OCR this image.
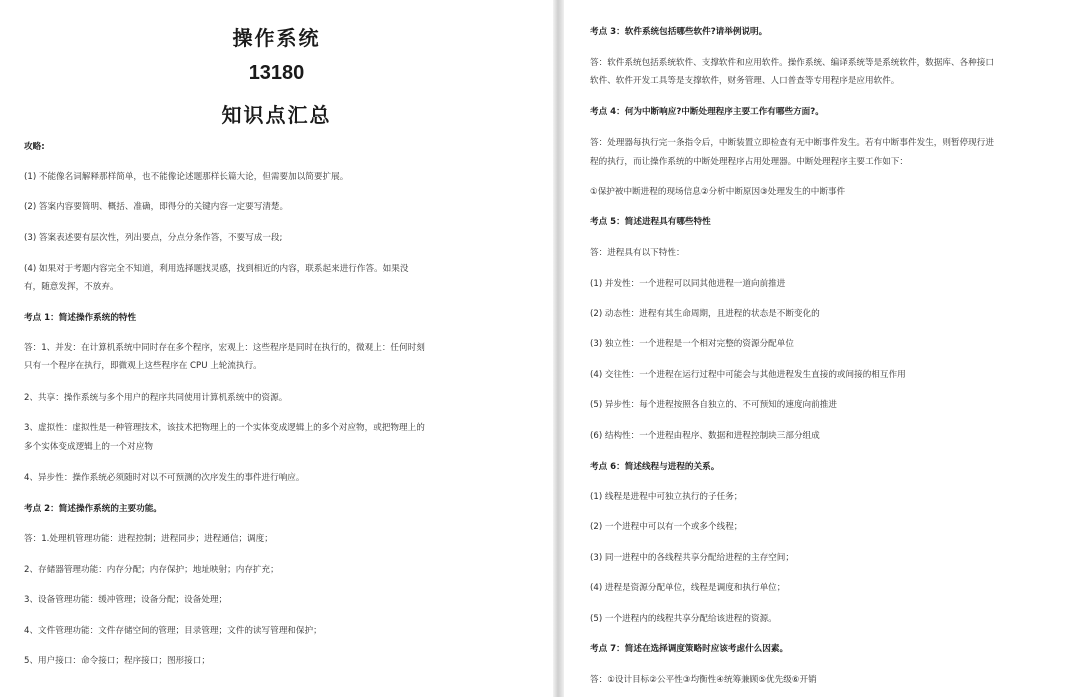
操作系统
13180
知识点汇总
攻略:
(1) 不能像名词解释那样简单，也不能像论述题那样长篇大论，但需要加以简要扩展。
(2) 答案内容要简明、概括、准确，即得分的关键内容一定要写清楚。
(3) 答案表述要有层次性，列出要点，分点分条作答，不要写成一段;
(4) 如果对于考题内容完全不知道，利用选择题找灵感，找到相近的内容，联系起来进行作答。如果没
有，随意发挥，不放弃。
考点 1：简述操作系统的特性
答：1、并发：在计算机系统中同时存在多个程序，宏观上：这些程序是同时在执行的，微观上：任何时刻
只有一个程序在执行，即微观上这些程序在 CPU 上轮流执行。
2、共享：操作系统与多个用户的程序共同使用计算机系统中的资源。
3、虚拟性：虚拟性是一种管理技术，该技术把物理上的一个实体变成逻辑上的多个对应物，或把物理上的
多个实体变成逻辑上的一个对应物
4、异步性：操作系统必须随时对以不可预测的次序发生的事件进行响应。
考点 2：简述操作系统的主要功能。
答：1.处理机管理功能：进程控制；进程同步；进程通信；调度；
2、存储器管理功能：内存分配；内存保护；地址映射；内存扩充；
3、设备管理功能：缓冲管理；设备分配；设备处理；
4、文件管理功能：文件存储空间的管理；目录管理；文件的读写管理和保护；
5、用户接口：命令接口；程序接口；图形接口；
考点 3：软件系统包括哪些软件?请举例说明。
答：软件系统包括系统软件、支撑软件和应用软件。操作系统、编译系统等是系统软件，数据库、各种接口
软件、软件开发工具等是支撑软件，财务管理、人口普查等专用程序是应用软件。
考点 4：何为中断响应?中断处理程序主要工作有哪些方面?。
答：处理器每执行完一条指令后，中断装置立即检查有无中断事件发生。若有中断事件发生，则暂停现行进
程的执行，而让操作系统的中断处理程序占用处理器。中断处理程序主要工作如下：
①保护被中断进程的现场信息②分析中断原因③处理发生的中断事件
考点 5：简述进程具有哪些特性
答：进程具有以下特性：
(1) 并发性：一个进程可以同其他进程一道向前推进
(2) 动态性：进程有其生命周期，且进程的状态是不断变化的
(3) 独立性：一个进程是一个相对完整的资源分配单位
(4) 交往性：一个进程在运行过程中可能会与其他进程发生直接的或间接的相互作用
(5) 异步性：每个进程按照各自独立的、不可预知的速度向前推进
(6) 结构性：一个进程由程序、数据和进程控制块三部分组成
考点 6：简述线程与进程的关系。
(1) 线程是进程中可独立执行的子任务；
(2) 一个进程中可以有一个或多个线程；
(3) 同一进程中的各线程共享分配给进程的主存空间；
(4) 进程是资源分配单位，线程是调度和执行单位；
(5) 一个进程内的线程共享分配给该进程的资源。
考点 7：简述在选择调度策略时应该考虑什么因素。
答：①设计目标②公平性③均衡性④统筹兼顾⑤优先级⑥开销
